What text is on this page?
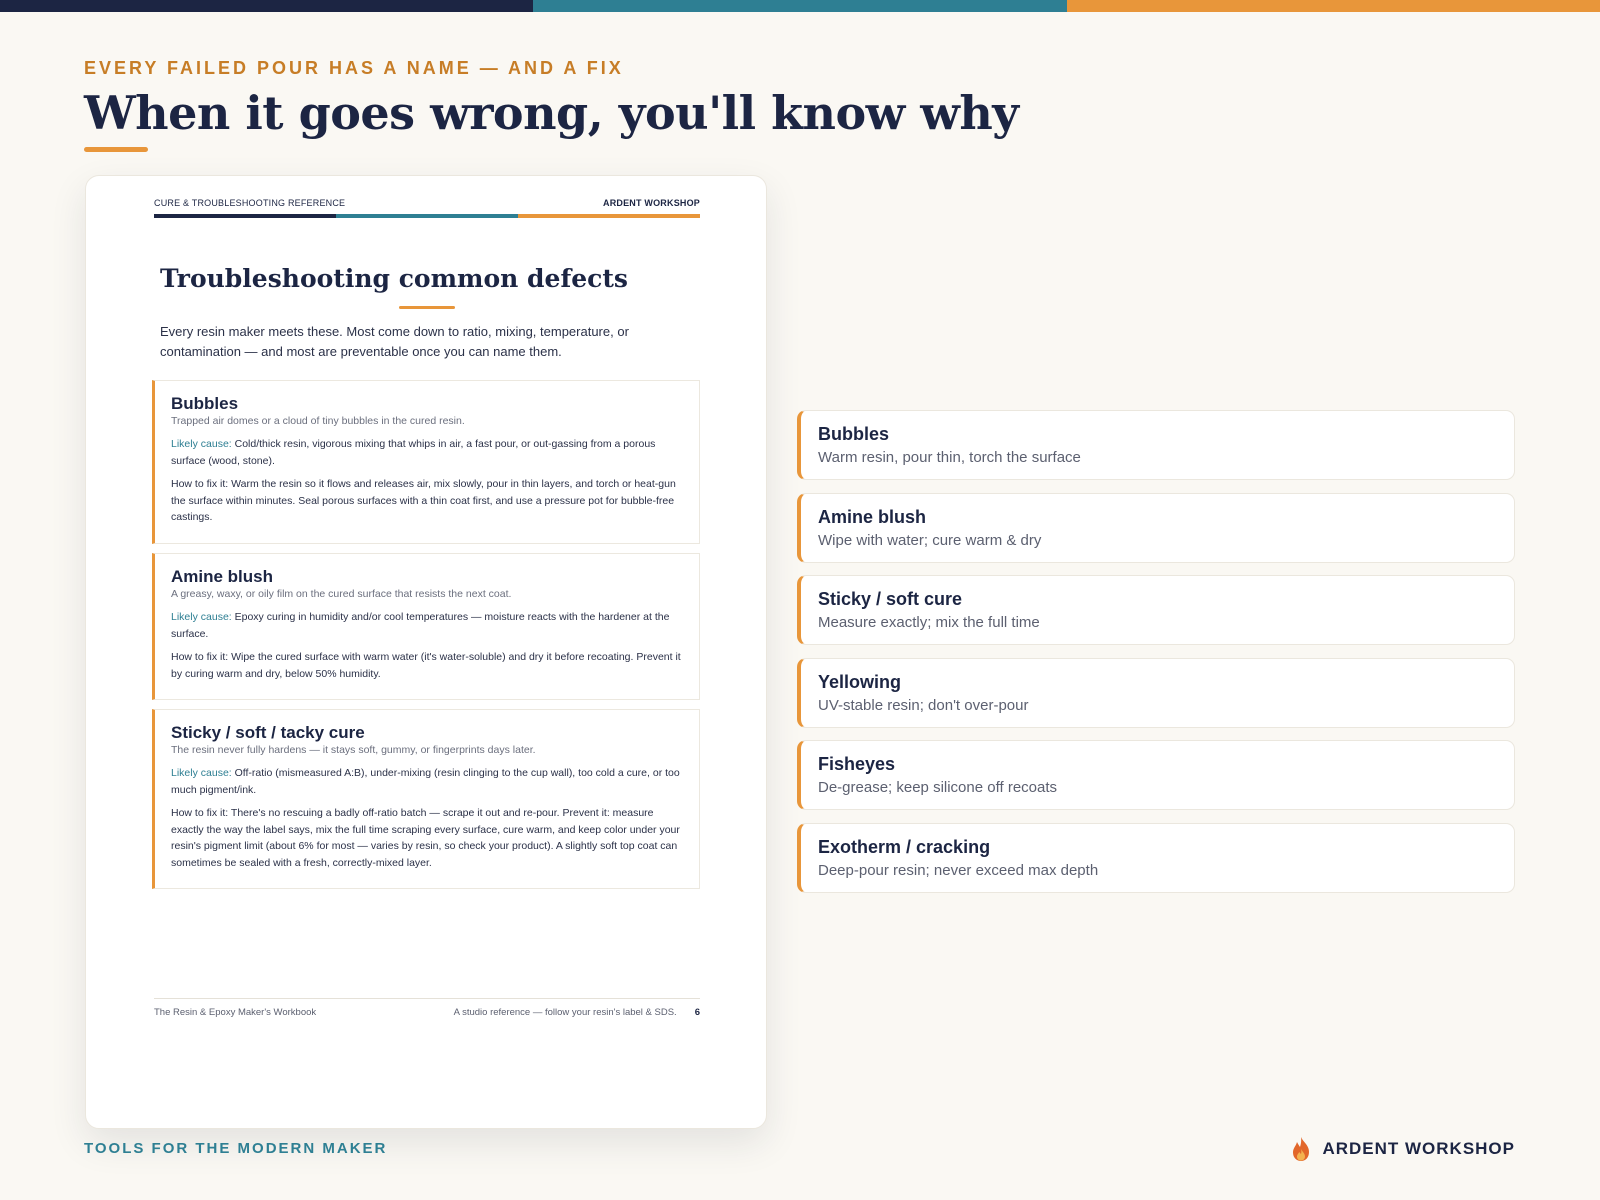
EVERY FAILED POUR HAS A NAME — AND A FIX
When it goes wrong, you'll know why
CURE & TROUBLESHOOTING REFERENCE	ARDENT WORKSHOP
Troubleshooting common defects
Every resin maker meets these. Most come down to ratio, mixing, temperature, or contamination — and most are preventable once you can name them.
Bubbles
Trapped air domes or a cloud of tiny bubbles in the cured resin.
Likely cause: Cold/thick resin, vigorous mixing that whips in air, a fast pour, or out-gassing from a porous surface (wood, stone).
How to fix it: Warm the resin so it flows and releases air, mix slowly, pour in thin layers, and torch or heat-gun the surface within minutes. Seal porous surfaces with a thin coat first, and use a pressure pot for bubble-free castings.
Amine blush
A greasy, waxy, or oily film on the cured surface that resists the next coat.
Likely cause: Epoxy curing in humidity and/or cool temperatures — moisture reacts with the hardener at the surface.
How to fix it: Wipe the cured surface with warm water (it's water-soluble) and dry it before recoating. Prevent it by curing warm and dry, below 50% humidity.
Sticky / soft / tacky cure
The resin never fully hardens — it stays soft, gummy, or fingerprints days later.
Likely cause: Off-ratio (mismeasured A:B), under-mixing (resin clinging to the cup wall), too cold a cure, or too much pigment/ink.
How to fix it: There's no rescuing a badly off-ratio batch — scrape it out and re-pour. Prevent it: measure exactly the way the label says, mix the full time scraping every surface, cure warm, and keep color under your resin's pigment limit (about 6% for most — varies by resin, so check your product). A slightly soft top coat can sometimes be sealed with a fresh, correctly-mixed layer.
The Resin & Epoxy Maker's Workbook	A studio reference — follow your resin's label & SDS. 6
Bubbles
Warm resin, pour thin, torch the surface
Amine blush
Wipe with water; cure warm & dry
Sticky / soft cure
Measure exactly; mix the full time
Yellowing
UV-stable resin; don't over-pour
Fisheyes
De-grease; keep silicone off recoats
Exotherm / cracking
Deep-pour resin; never exceed max depth
TOOLS FOR THE MODERN MAKER	ARDENT WORKSHOP
